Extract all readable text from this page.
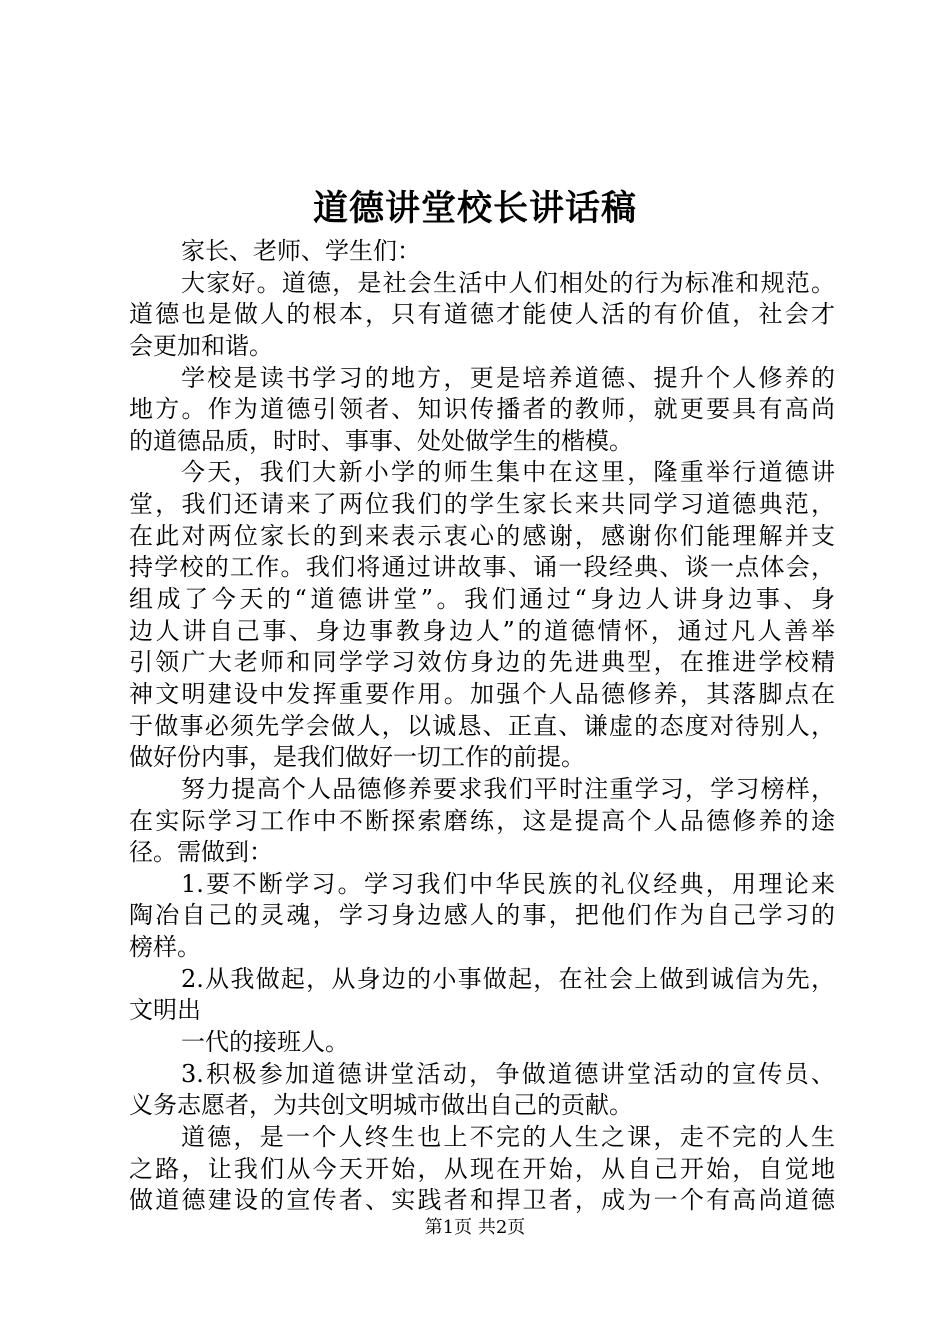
道德讲堂校长讲话稿
家长、老师、学生们：
大家好。道德，是社会生活中人们相处的行为标准和规范。
道德也是做人的根本，只有道德才能使人活的有价值，社会才
会更加和谐。
学校是读书学习的地方，更是培养道德、提升个人修养的
地方。作为道德引领者、知识传播者的教师，就更要具有高尚
的道德品质，时时、事事、处处做学生的楷模。
今天，我们大新小学的师生集中在这里，隆重举行道德讲
堂，我们还请来了两位我们的学生家长来共同学习道德典范，
在此对两位家长的到来表示衷心的感谢，感谢你们能理解并支
持学校的工作。我们将通过讲故事、诵一段经典、谈一点体会，
组成了今天的“道德讲堂”。我们通过“身边人讲身边事、身
边人讲自己事、身边事教身边人”的道德情怀，通过凡人善举
引领广大老师和同学学习效仿身边的先进典型，在推进学校精
神文明建设中发挥重要作用。加强个人品德修养，其落脚点在
于做事必须先学会做人，以诚恳、正直、谦虚的态度对待别人，
做好份内事，是我们做好一切工作的前提。
努力提高个人品德修养要求我们平时注重学习，学习榜样，
在实际学习工作中不断探索磨练，这是提高个人品德修养的途
径。需做到：
1.要不断学习。学习我们中华民族的礼仪经典，用理论来
陶冶自己的灵魂，学习身边感人的事，把他们作为自己学习的
榜样。
2.从我做起，从身边的小事做起，在社会上做到诚信为先，
文明出
一代的接班人。
3.积极参加道德讲堂活动，争做道德讲堂活动的宣传员、
义务志愿者，为共创文明城市做出自己的贡献。
道德，是一个人终生也上不完的人生之课，走不完的人生
之路，让我们从今天开始，从现在开始，从自己开始，自觉地
做道德建设的宣传者、实践者和捍卫者，成为一个有高尚道德
第1页 共2页
